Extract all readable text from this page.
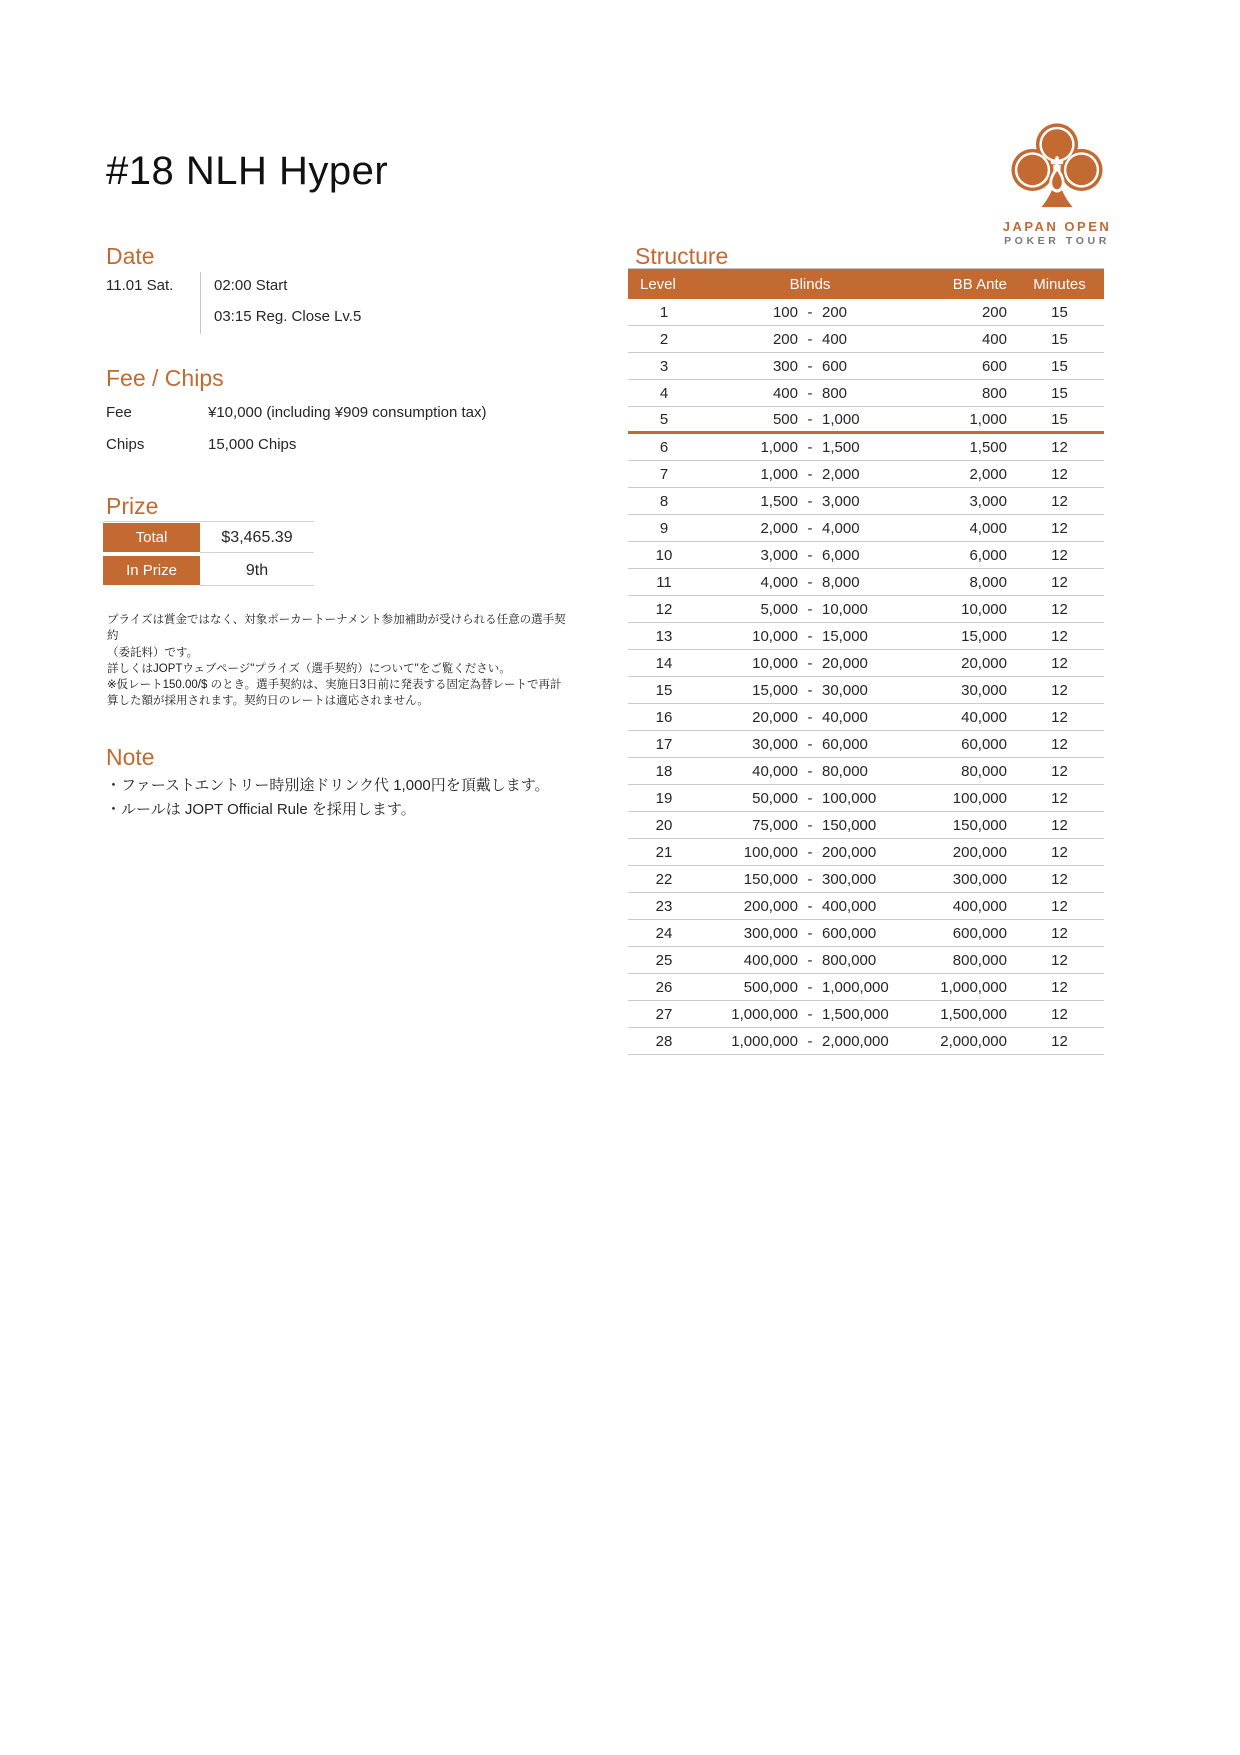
#18 NLH Hyper
JAPAN OPEN
POKER TOUR
Date
11.01 Sat.	02:00 Start
03:15 Reg. Close Lv.5
Fee / Chips
Fee	¥10,000 (including ¥909 consumption tax)
Chips	15,000 Chips
Prize
Total	$3,465.39
In Prize	9th
プライズは賞金ではなく、対象ポーカートーナメント参加補助が受けられる任意の選手契約
（委託料）です。
詳しくはJOPTウェブページ"プライズ（選手契約）について"をご覧ください。
※仮レート150.00/$ のとき。選手契約は、実施日3日前に発表する固定為替レートで再計
算した額が採用されます。契約日のレートは適応されません。
Note
・ファーストエントリー時別途ドリンク代 1,000円を頂戴します。
・ルールは JOPT Official Rule を採用します。
Structure
Level	Blinds	BB Ante	Minutes
1	100 - 200	200	15
2	200 - 400	400	15
3	300 - 600	600	15
4	400 - 800	800	15
5	500 - 1,000	1,000	15
6	1,000 - 1,500	1,500	12
7	1,000 - 2,000	2,000	12
8	1,500 - 3,000	3,000	12
9	2,000 - 4,000	4,000	12
10	3,000 - 6,000	6,000	12
11	4,000 - 8,000	8,000	12
12	5,000 - 10,000	10,000	12
13	10,000 - 15,000	15,000	12
14	10,000 - 20,000	20,000	12
15	15,000 - 30,000	30,000	12
16	20,000 - 40,000	40,000	12
17	30,000 - 60,000	60,000	12
18	40,000 - 80,000	80,000	12
19	50,000 - 100,000	100,000	12
20	75,000 - 150,000	150,000	12
21	100,000 - 200,000	200,000	12
22	150,000 - 300,000	300,000	12
23	200,000 - 400,000	400,000	12
24	300,000 - 600,000	600,000	12
25	400,000 - 800,000	800,000	12
26	500,000 - 1,000,000	1,000,000	12
27	1,000,000 - 1,500,000	1,500,000	12
28	1,000,000 - 2,000,000	2,000,000	12
